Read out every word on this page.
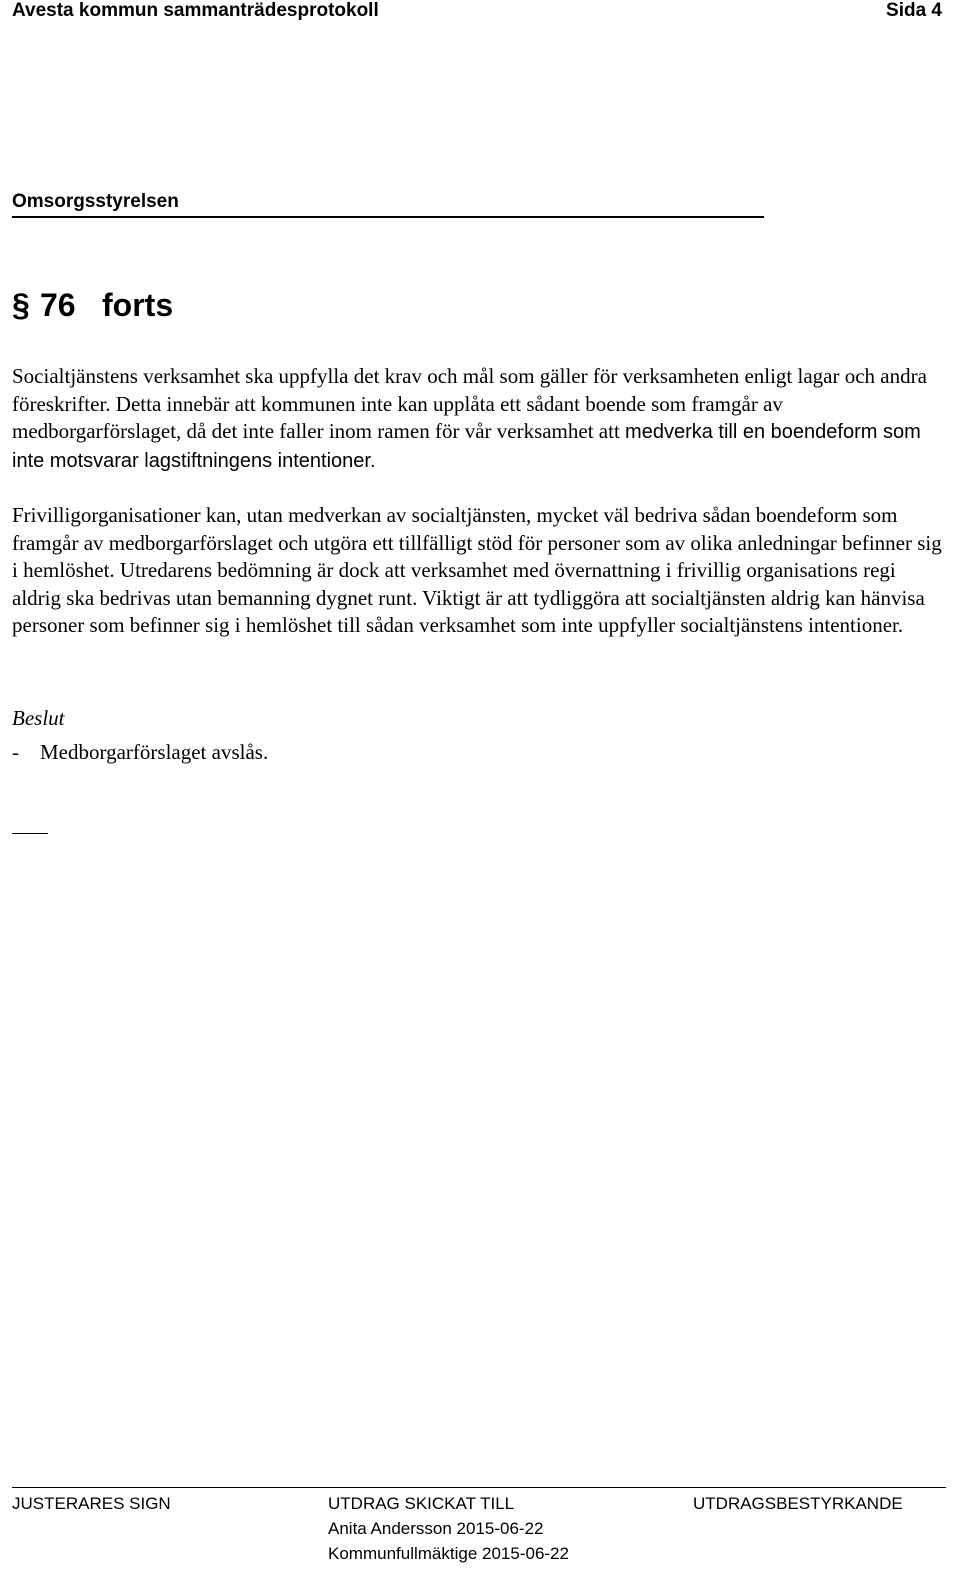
Avesta kommun sammanträdesprotokoll	Sida 4
Omsorgsstyrelsen
§ 76 forts

Socialtjänstens verksamhet ska uppfylla det krav och mål som gäller för verksamheten enligt lagar och andra föreskrifter. Detta innebär att kommunen inte kan upplåta ett sådant boende som framgår av medborgarförslaget, då det inte faller inom ramen för vår verksamhet att medverka till en boendeform som inte motsvarar lagstiftningens intentioner.

Frivilligorganisationer kan, utan medverkan av socialtjänsten, mycket väl bedriva sådan boendeform som framgår av medborgarförslaget och utgöra ett tillfälligt stöd för personer som av olika anledningar befinner sig i hemlöshet. Utredarens bedömning är dock att verksamhet med övernattning i frivillig organisations regi aldrig ska bedrivas utan bemanning dygnet runt. Viktigt är att tydliggöra att socialtjänsten aldrig kan hänvisa personer som befinner sig i hemlöshet till sådan verksamhet som inte uppfyller socialtjänstens intentioner.

Beslut
- Medborgarförslaget avslås.
JUSTERARES SIGN	UTDRAG SKICKAT TILL	UTDRAGSBESTYRKANDE
Anita Andersson 2015-06-22
Kommunfullmäktige 2015-06-22
